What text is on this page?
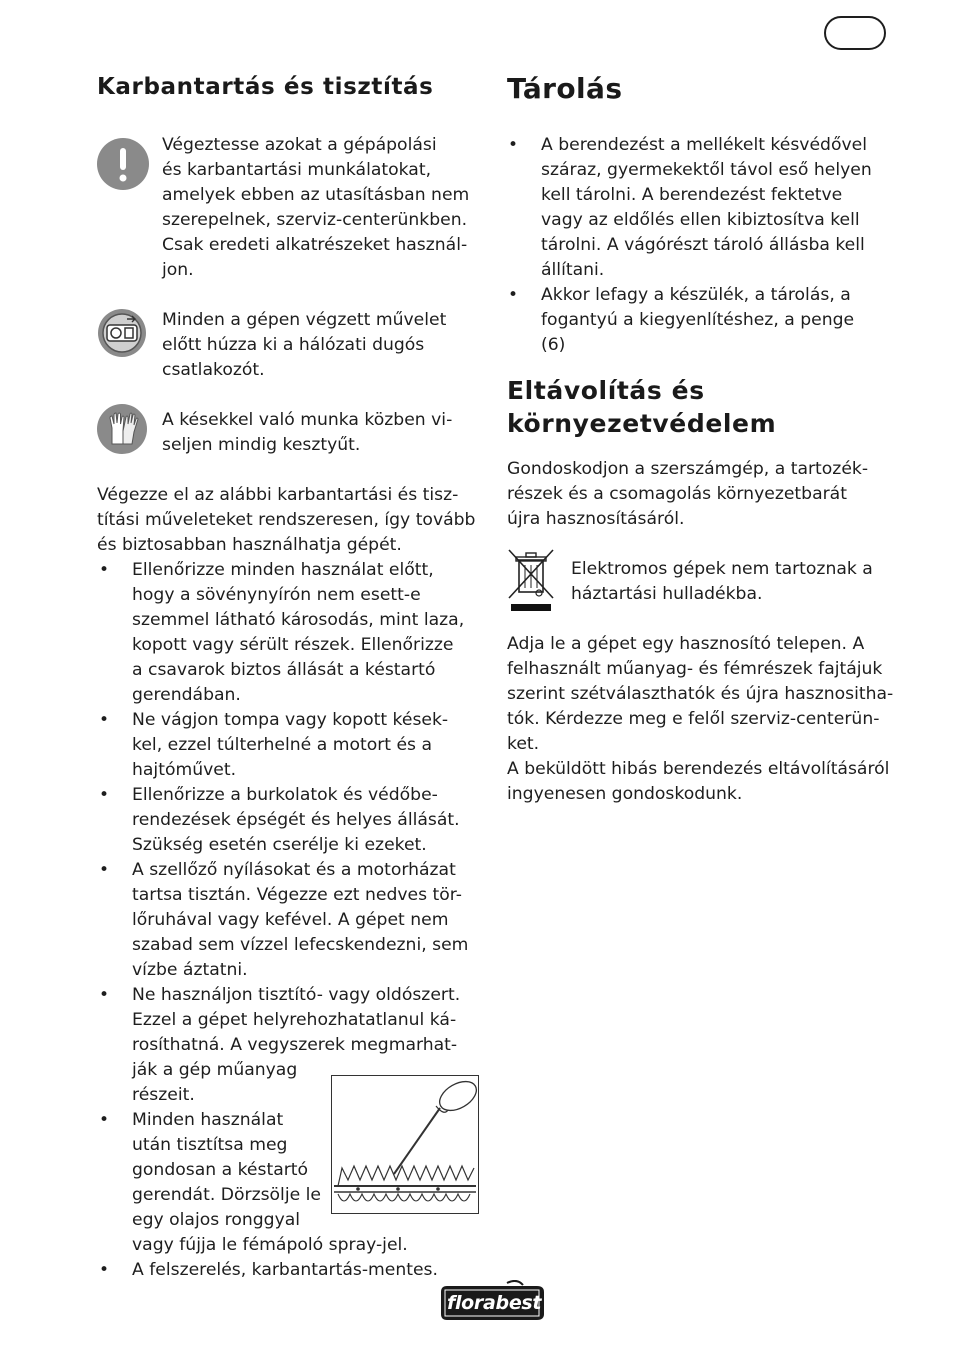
Karbantartás és tisztítás	Tárolás
Eltávolítás és környezetvédelem
Végeztesse azokat a gépápolási
és karbantartási munkálatokat,
amelyek ebben az utasításban nem
szerepelnek, szerviz-centerünkben.
Csak eredeti alkatrészeket használ-
jon.
Minden a gépen végzett művelet
előtt húzza ki a hálózati dugós
csatlakozót.
A késekkel való munka közben vi-
seljen mindig kesztyűt.
Végezze el az alábbi karbantartási és tisz-
títási műveleteket rendszeresen, így tovább
és biztosabban használhatja gépét.
• Ellenőrizze minden használat előtt,
hogy a sövénynyírón nem esett-e
szemmel látható károsodás, mint laza,
kopott vagy sérült részek. Ellenőrizze
a csavarok biztos állását a késtartó
gerendában.
• Ne vágjon tompa vagy kopott kések-
kel, ezzel túlterhelné a motort és a
hajtóművet.
• Ellenőrizze a burkolatok és védőbe-
rendezések épségét és helyes állását.
Szükség esetén cserélje ki ezeket.
• A szellőző nyílásokat és a motorházat
tartsa tisztán. Végezze ezt nedves tör-
lőruhával vagy kefével. A gépet nem
szabad sem vízzel lefecskendezni, sem
vízbe áztatni.
• Ne használjon tisztító- vagy oldószert.
Ezzel a gépet helyrehozhatatlanul ká-
rosíthatná. A vegyszerek megmarhat-
ják a gép műanyag
részeit.
• Minden használat
után tisztítsa meg
gondosan a késtartó
gerendát. Dörzsölje le
egy olajos ronggyal
vagy fújja le fémápoló spray-jel.
• A felszerelés, karbantartás-mentes.
• A berendezést a mellékelt késvédővel
száraz, gyermekektől távol eső helyen
kell tárolni. A berendezést fektetve
vagy az eldőlés ellen kibiztosítva kell
tárolni. A vágórészt tároló állásba kell
állítani.
• Akkor lefagy a készülék, a tárolás, a
fogantyú a kiegyenlítéshez, a penge
(6)
Gondoskodjon a szerszámgép, a tartozék-
részek és a csomagolás környezetbarát
újra hasznosításáról.
Elektromos gépek nem tartoznak a
háztartási hulladékba.
Adja le a gépet egy hasznosító telepen. A
felhasznált műanyag- és fémrészek fajtájuk
szerint szétválaszthatók és újra hasznositha-
tók. Kérdezze meg e felől szerviz-centerün-
ket.
A beküldött hibás berendezés eltávolításáról
ingyenesen gondoskodunk.
florabest
